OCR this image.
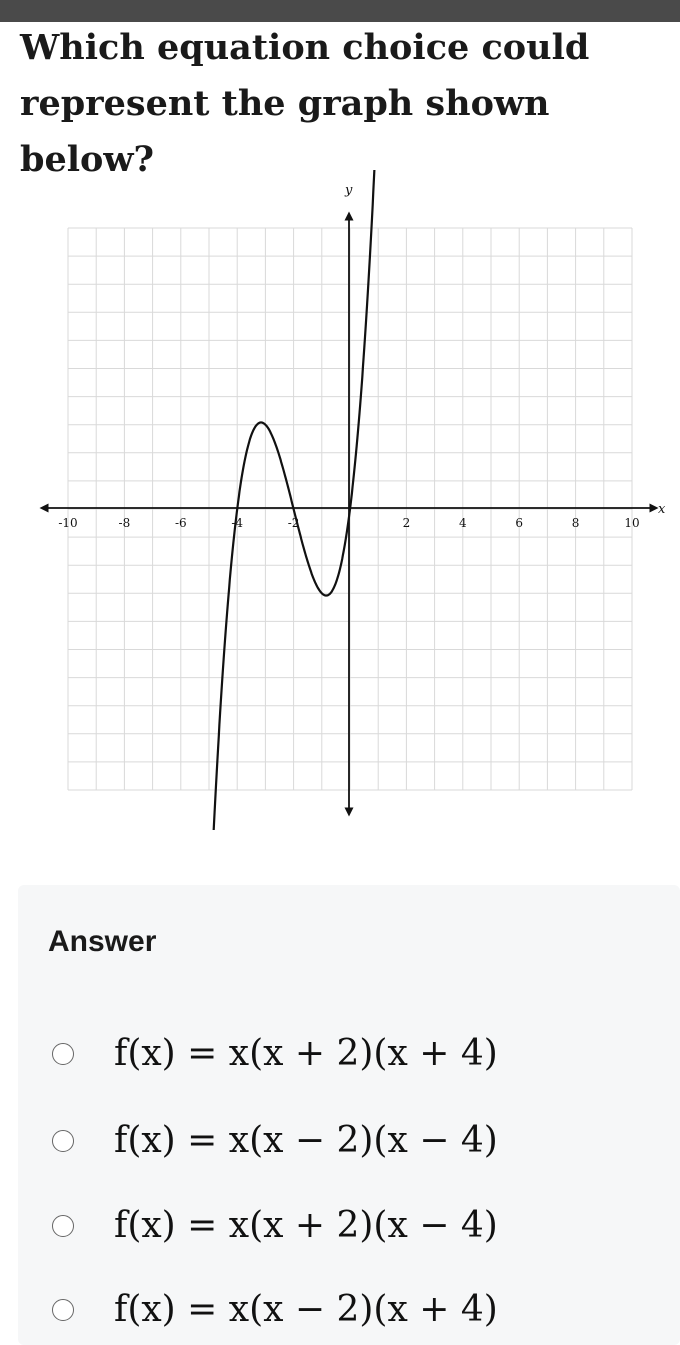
Which equation choice could
represent the graph shown below?
-10	-8	-6	-4	-2	2	4	6	8	10
x
y
Answer
f(x) = x(x + 2)(x + 4)
f(x) = x(x − 2)(x − 4)
f(x) = x(x + 2)(x − 4)
f(x) = x(x − 2)(x + 4)
